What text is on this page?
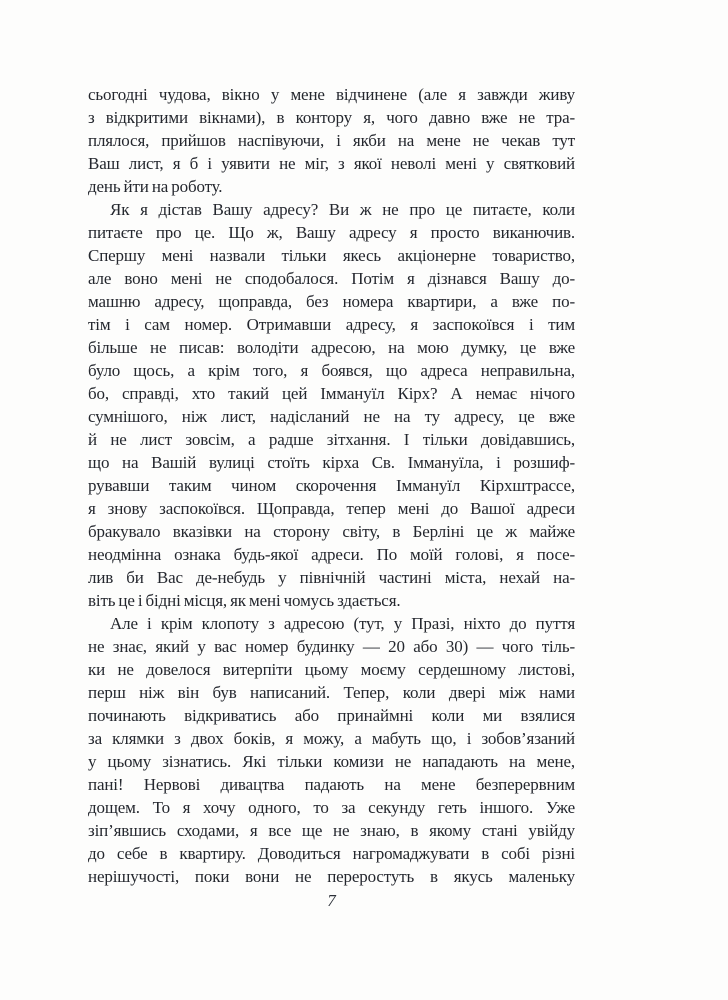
сьогодні чудова, вікно у мене відчинене (але я завжди живу
з відкритими вікнами), в контору я, чого давно вже не тра-
плялося, прийшов наспівуючи, і якби на мене не чекав тут
Ваш лист, я б і уявити не міг, з якої неволі мені у святковий
день йти на роботу.
Як я дістав Вашу адресу? Ви ж не про це питаєте, коли
питаєте про це. Що ж, Вашу адресу я просто виканючив.
Спершу мені назвали тільки якесь акціонерне товариство,
але воно мені не сподобалося. Потім я дізнався Вашу до-
машню адресу, щоправда, без номера квартири, а вже по-
тім і сам номер. Отримавши адресу, я заспокоївся і тим
більше не писав: володіти адресою, на мою думку, це вже
було щось, а крім того, я боявся, що адреса неправильна,
бо, справді, хто такий цей Іммануїл Кірх? А немає нічого
сумнішого, ніж лист, надісланий не на ту адресу, це вже
й не лист зовсім, а радше зітхання. І тільки довідавшись,
що на Вашій вулиці стоїть кірха Св. Іммануїла, і розшиф-
рувавши таким чином скорочення Іммануїл Кірхштрассе,
я знову заспокоївся. Щоправда, тепер мені до Вашої адреси
бракувало вказівки на сторону світу, в Берліні це ж майже
неодмінна ознака будь-якої адреси. По моїй голові, я посе-
лив би Вас де-небудь у північній частині міста, нехай на-
віть це і бідні місця, як мені чомусь здається.
Але і крім клопоту з адресою (тут, у Празі, ніхто до пуття
не знає, який у вас номер будинку — 20 або 30) — чого тіль-
ки не довелося витерпіти цьому моєму сердешному листові,
перш ніж він був написаний. Тепер, коли двері між нами
починають відкриватись або принаймні коли ми взялися
за клямки з двох боків, я можу, а мабуть що, і зобов’язаний
у цьому зізнатись. Які тільки комизи не нападають на мене,
пані! Нервові дивацтва падають на мене безперервним
дощем. То я хочу одного, то за секунду геть іншого. Уже
зіп’явшись сходами, я все ще не знаю, в якому стані увійду
до себе в квартиру. Доводиться нагромаджувати в собі різні
нерішучості, поки вони не переростуть в якусь маленьку
7
